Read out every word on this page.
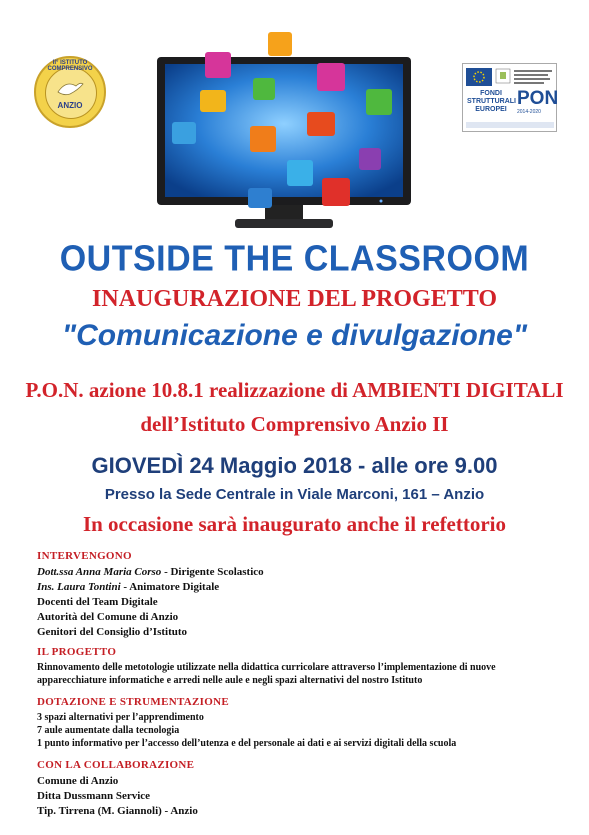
II° ISTITUTO COMPRENSIVO
ANZIO
FONDI STRUTTURALI EUROPEI
PON
2014-2020
OUTSIDE THE CLASSROOM
INAUGURAZIONE DEL PROGETTO
"Comunicazione e divulgazione"
P.O.N. azione 10.8.1 realizzazione di AMBIENTI DIGITALI
dell’Istituto Comprensivo Anzio II
GIOVEDÌ 24 Maggio 2018 - alle ore 9.00
Presso la Sede Centrale in Viale Marconi, 161 – Anzio
In occasione sarà inaugurato anche il refettorio
INTERVENGONO
Dott.ssa Anna Maria Corso - Dirigente Scolastico
Ins. Laura Tontini - Animatore Digitale
Docenti del Team Digitale
Autorità del Comune di Anzio
Genitori del Consiglio d’Istituto
IL PROGETTO
Rinnovamento delle metotologie utilizzate nella didattica curricolare attraverso l’implementazione di nuove
apparecchiature informatiche e arredi nelle aule e negli spazi alternativi del nostro Istituto
DOTAZIONE E STRUMENTAZIONE
3 spazi alternativi per l’apprendimento
7 aule aumentate dalla tecnologia
1 punto informativo per l’accesso dell’utenza e del personale ai dati e ai servizi digitali della scuola
CON LA COLLABORAZIONE
Comune di Anzio
Ditta Dussmann Service
Tip. Tirrena (M. Giannoli) - Anzio
